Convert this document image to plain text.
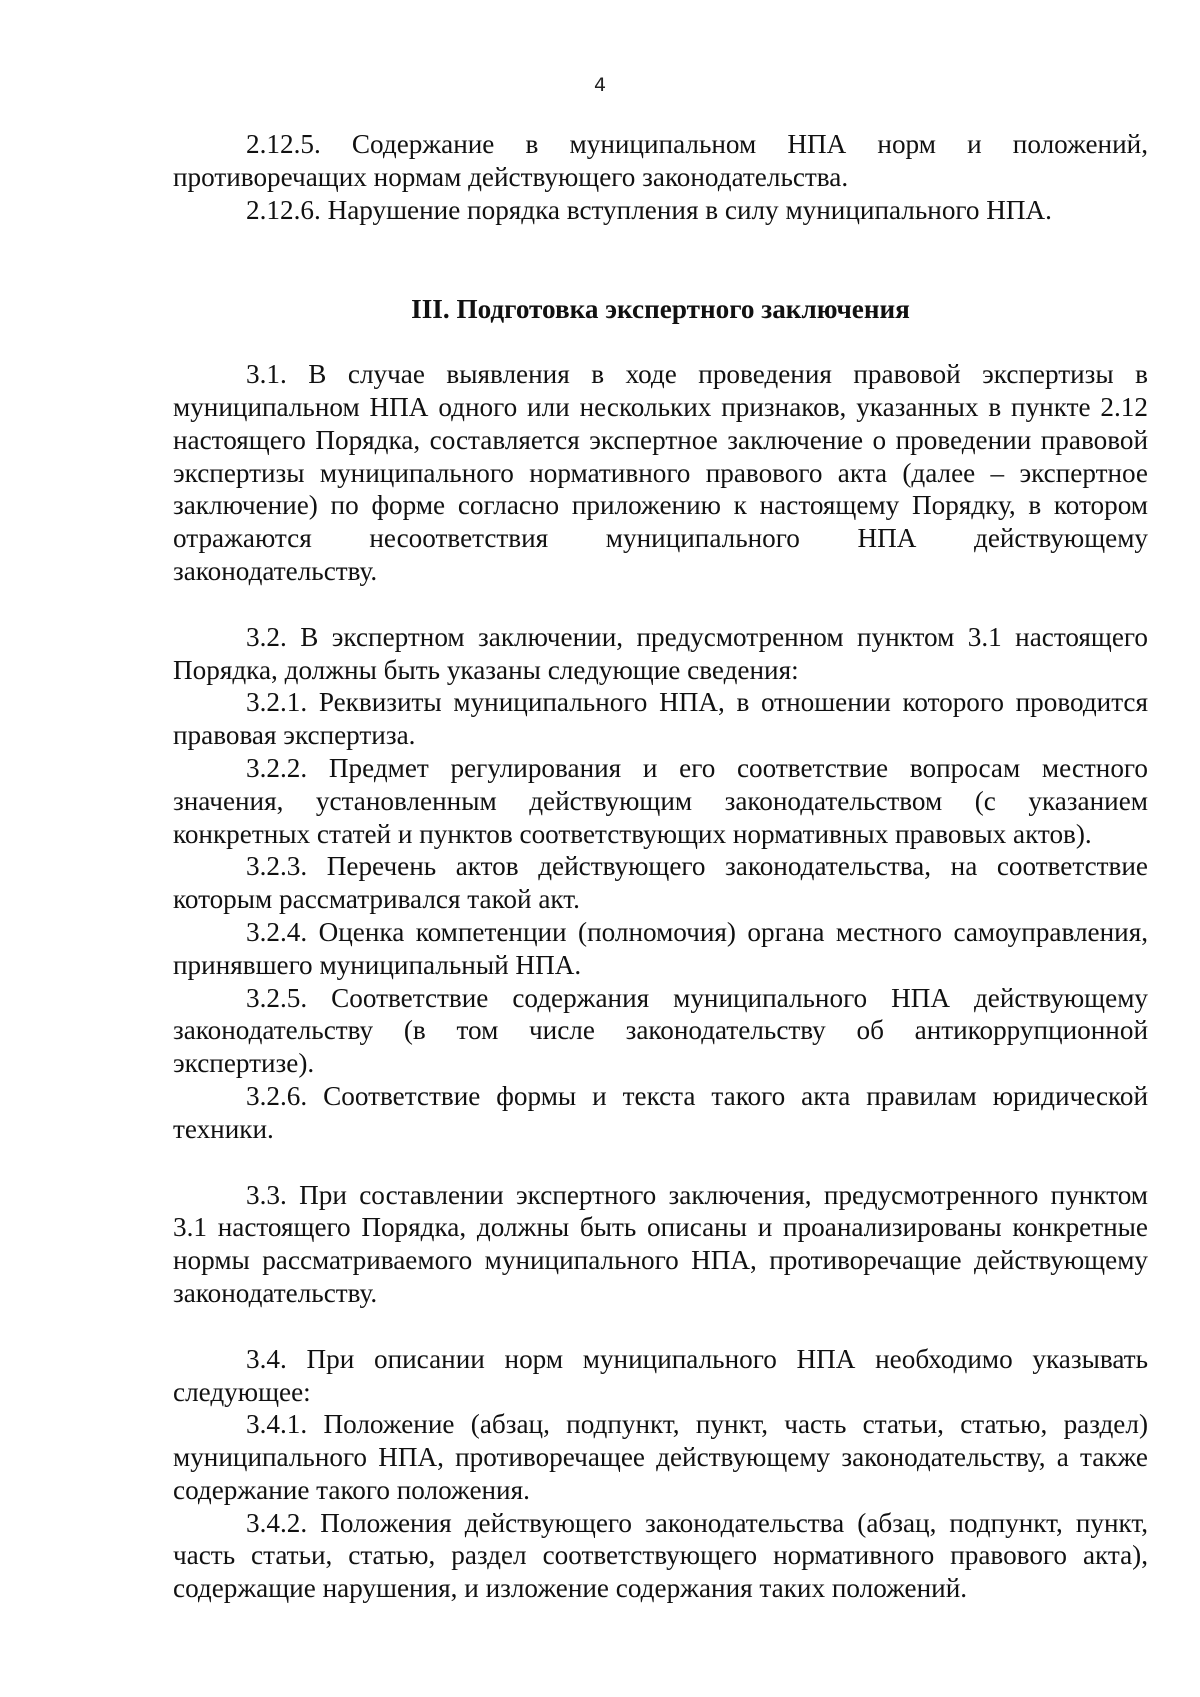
4

2.12.5. Содержание в муниципальном НПА норм и положений, противоречащих нормам действующего законодательства.

2.12.6. Нарушение порядка вступления в силу муниципального НПА.

III. Подготовка экспертного заключения

3.1. В случае выявления в ходе проведения правовой экспертизы в муниципальном НПА одного или нескольких признаков, указанных в пункте 2.12 настоящего Порядка, составляется экспертное заключение о проведении правовой экспертизы муниципального нормативного правового акта (далее – экспертное заключение) по форме согласно приложению к настоящему Порядку, в котором отражаются несоответствия муниципального НПА действующему законодательству.

3.2. В экспертном заключении, предусмотренном пунктом 3.1 настоящего Порядка, должны быть указаны следующие сведения:

3.2.1. Реквизиты муниципального НПА, в отношении которого проводится правовая экспертиза.

3.2.2. Предмет регулирования и его соответствие вопросам местного значения, установленным действующим законодательством (с указанием конкретных статей и пунктов соответствующих нормативных правовых актов).

3.2.3. Перечень актов действующего законодательства, на соответствие которым рассматривался такой акт.

3.2.4. Оценка компетенции (полномочия) органа местного самоуправления, принявшего муниципальный НПА.

3.2.5. Соответствие содержания муниципального НПА действующему законодательству (в том числе законодательству об антикоррупционной экспертизе).

3.2.6. Соответствие формы и текста такого акта правилам юридической техники.

3.3. При составлении экспертного заключения, предусмотренного пунктом 3.1 настоящего Порядка, должны быть описаны и проанализированы конкретные нормы рассматриваемого муниципального НПА, противоречащие действующему законодательству.

3.4. При описании норм муниципального НПА необходимо указывать следующее:

3.4.1. Положение (абзац, подпункт, пункт, часть статьи, статью, раздел) муниципального НПА, противоречащее действующему законодательству, а также содержание такого положения.

3.4.2. Положения действующего законодательства (абзац, подпункт, пункт, часть статьи, статью, раздел соответствующего нормативного правового акта), содержащие нарушения, и изложение содержания таких положений.
